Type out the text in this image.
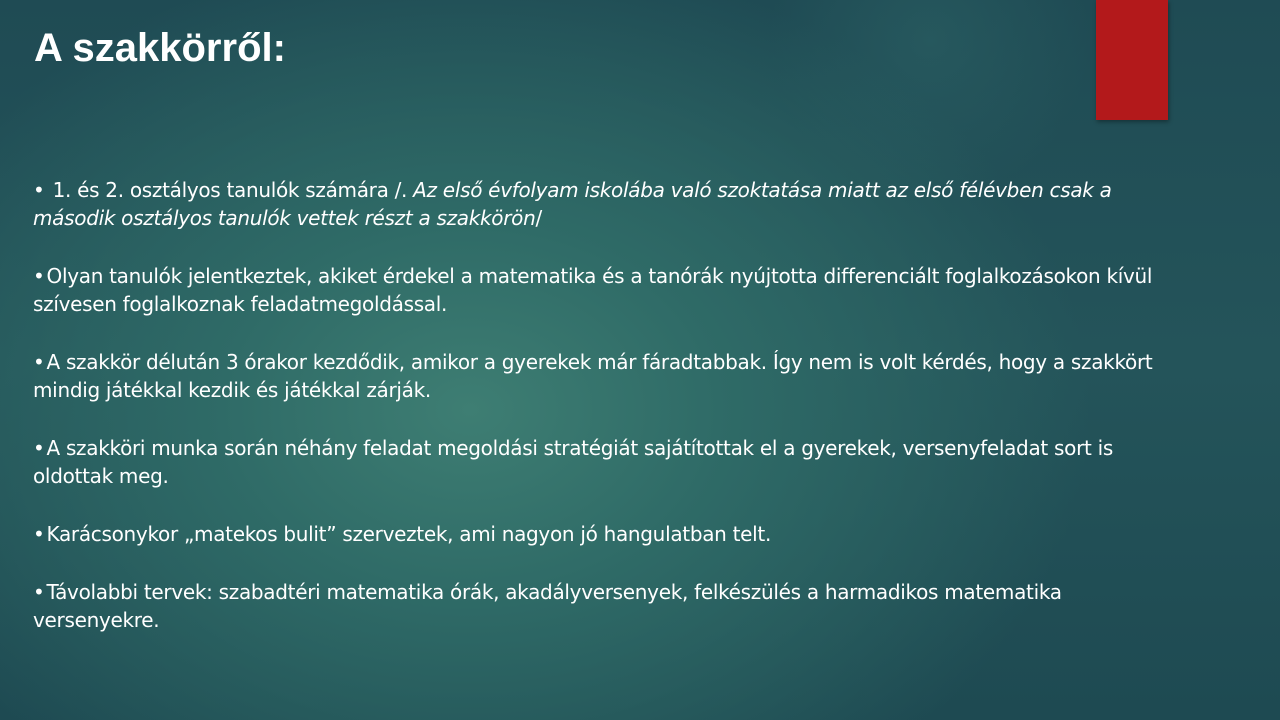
A szakkörről:

• 1. és 2. osztályos tanulók számára /. Az első évfolyam iskolába való szoktatása miatt az első félévben csak a második osztályos tanulók vettek részt a szakkörön/

• Olyan tanulók jelentkeztek, akiket érdekel a matematika és a tanórák nyújtotta differenciált foglalkozásokon kívül szívesen foglalkoznak feladatmegoldással.

• A szakkör délután 3 órakor kezdődik, amikor a gyerekek már fáradtabbak. Így nem is volt kérdés, hogy a szakkört mindig játékkal kezdik és játékkal zárják.

• A szakköri munka során néhány feladat megoldási stratégiát sajátítottak el a gyerekek, versenyfeladat sort is oldottak meg.

• Karácsonykor „matekos bulit” szerveztek, ami nagyon jó hangulatban telt.

• Távolabbi tervek: szabadtéri matematika órák, akadályversenyek, felkészülés a harmadikos matematika versenyekre.
